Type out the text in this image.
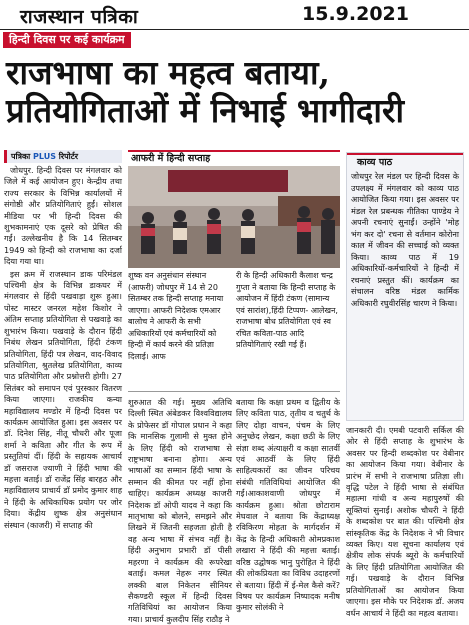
राजस्थान पत्रिका	15.9.2021
हिन्दी दिवस पर कई कार्यक्रम
राजभाषा का महत्व बताया,
प्रतियोगिताओं में निभाई भागीदारी
पत्रिका PLUS रिपोर्टर

जोधपुर. हिन्दी दिवस पर मंगलवार को जिले में कई आयोजन हुए। केन्द्रीय तथा राज्य सरकार के विभिन्न कार्यालयों में संगोष्ठी और प्रतियोगिताएं हुईं। सोशल मीडिया पर भी हिन्दी दिवस की शुभकामनाएं एक दूसरे को प्रेषित की गईं। उल्लेखनीय है कि 14 सितम्बर 1949 को हिन्दी को राजभाषा का दर्जा दिया गया था।

इस क्रम में राजस्थान डाक परिमंडल पश्चिमी क्षेत्र के विभिन्न डाकघर में मंगलवार से हिंदी पखवाड़ा शुरू हुआ। पोस्ट मास्टर जनरल महेश किशोर ने अंतिम सप्ताह प्रतियोगिता से पखवाड़े का शुभारंभ किया। पखवाड़े के दौरान हिंदी निबंध लेखन प्रतियोगिता, हिंदी टंकण प्रतियोगिता, हिंदी पत्र लेखन, वाद-विवाद प्रतियोगिता, श्रुतलेख प्रतियोगिता, काव्य पाठ प्रतियोगिता और प्रश्नोत्तरी होगी। 27 सितंबर को समापन एवं पुरस्कार वितरण किया जाएगा। राजकीय कन्या महाविद्यालय मण्डोर में हिन्दी दिवस पर कार्यक्रम आयोजित हुआ। इस अवसर पर डॉ. दिनेश सिंह, नीतू चौधरी और पूजा शर्मा ने कविता और गीत के रूप में प्रस्तुतियां दीं। हिंदी के सहायक आचार्य डॉ जसराज ज्याणी ने हिंदी भाषा की महत्ता बताई। डॉ राजेंद्र सिंह बारहठ और महाविद्यालय प्राचार्य डॉ प्रमोद कुमार शाह ने हिंदी के अधिकाधिक प्रयोग पर जोर दिया। केंद्रीय शुष्क क्षेत्र अनुसंधान संस्थान (काजरी) में सप्ताह की

आफरी में हिन्दी सप्ताह
शुष्क वन अनुसंधान संस्थान (आफरी) जोधपुर में 14 से 20 सितम्बर तक हिन्दी सप्ताह मनाया जाएगा। आफरी निदेशक एमआर बालोच ने आफरी के सभी अधिकारियों एवं कर्मचारियों को हिन्दी में कार्य करने की प्रतिज्ञा दिलाई। आफ
री के हिन्दी अधिकारी कैलाश चन्द्र गुप्ता ने बताया कि हिन्दी सप्ताह के आयोजन में हिंदी टंकण (सामान्य एवं सारांश),हिंदी टिप्पण- आलेखन, राजभाषा बोध प्रतियोगिता एवं स्व रचित कविता-पाठ आदि प्रतियोगिताएं रखी गई हैं।

शुरुआत की गई। मुख्य अतिथि दिल्ली स्थित अंबेडकर विश्वविद्यालय के प्रोफेसर डॉ गोपाल प्रधान ने कहा कि मानसिक गुलामी से मुक्त होने के लिए हिंदी को राजभाषा से राष्ट्रभाषा बनाना होगा। अन्य भाषाओं का सम्मान हिंदी भाषा के सम्मान की कीमत पर नहीं होना चाहिए। कार्यक्रम अध्यक्ष काजरी निदेशक डॉ ओपी यादव ने कहा कि मातृभाषा को बोलने, समझने और लिखने में जितनी सहजता होती है वह अन्य भाषा में संभव नहीं है। हिंदी अनुभाग प्रभारी डॉ पीसी महरणा ने कार्यक्रम की रूपरेखा बताई। कमल नेहरू नगर स्थित लक्की बाल निकेतन सीनियर सैकण्डरी स्कूल में हिन्दी दिवस गतिविधियां का आयोजन किया गया। प्राचार्य कुलदीप सिंह राठौड़ ने

बताया कि कक्षा प्रथम व द्वितीय के लिए कविता पाठ, तृतीय व चतुर्थ के लिए दोहा वाचन, पंचम के लिए अनुच्छेद लेखन, कक्षा छठी के लिए संज्ञा शब्द अंत्याक्षरी व कक्षा सातवीं एवं आठवीं के लिए हिंदी साहित्यकारों का जीवन परिचय संबंधी गतिविधियां आयोजित की गईं।आकाशवाणी जोधपुर में कार्यक्रम हुआ। श्रोता छोटाराम मेघवाल ने बताया कि केंद्राध्यक्ष रविकिरण मोहता के मार्गदर्शन में केंद्र के हिन्दी अधिकारी ओमप्रकाश लखारा ने हिंदी की महत्ता बताई। वरिष्ठ उद्घोषक भानु पुरोहित ने हिंदी की लोकप्रियता का विविध उदाहरणों से बताया। हिंदी में ई-मेल कैसे करें? विषय पर कार्यक्रम निष्पादक मनीष कुमार सोलंकी ने

काव्य पाठ
जोधपुर रेल मंडल पर हिन्दी दिवस के उपलक्ष्य में मंगलवार को काव्य पाठ आयोजित किया गया। इस अवसर पर मंडल रेल प्रबन्धक गीतिका पाण्डेय ने अपनी रचनाएं सुनाईं। उन्होंने 'मोह भंग कर दो' रचना से वर्तमान कोरोना काल में जीवन की सच्चाई को व्यक्त किया। काव्य पाठ में 19 अधिकारियों-कर्मचारियों ने हिन्दी में रचनाएं प्रस्तुत कीं। कार्यक्रम का संचालन वरिष्ठ मंडल कार्मिक अधिकारी रघुवीरसिंह चारण ने किया।

जानकारी दी। एमबी पटवारी सर्किल की ओर से हिंदी सप्ताह के शुभारंभ के अवसर पर हिन्दी शब्दकोश पर वेबीनार का आयोजन किया गया। वेबीनार के प्रारंभ में सभी ने राजभाषा प्रतिज्ञा ली। वृद्धि पटेल ने हिंदी भाषा से संबंधित महात्मा गांधी व अन्य महापुरुषों की सूक्तियां सुनाईं। अशोक चौधरी ने हिंदी के शब्दकोश पर बात की। पश्चिमी क्षेत्र सांस्कृतिक केंद्र के निदेशक ने भी विचार व्यक्त किए। यश सूचना कार्यालय एवं क्षेत्रीय लोक संपर्क ब्यूरो के कर्मचारियों के लिए हिंदी प्रतियोगिता आयोजित की गई। पखवाड़े के दौरान विभिन्न प्रतियोगिताओं का आयोजन किया जाएगा। इस मौके पर निदेशक डॉ. अजय वर्धन आचार्य ने हिंदी का महत्व बताया।
